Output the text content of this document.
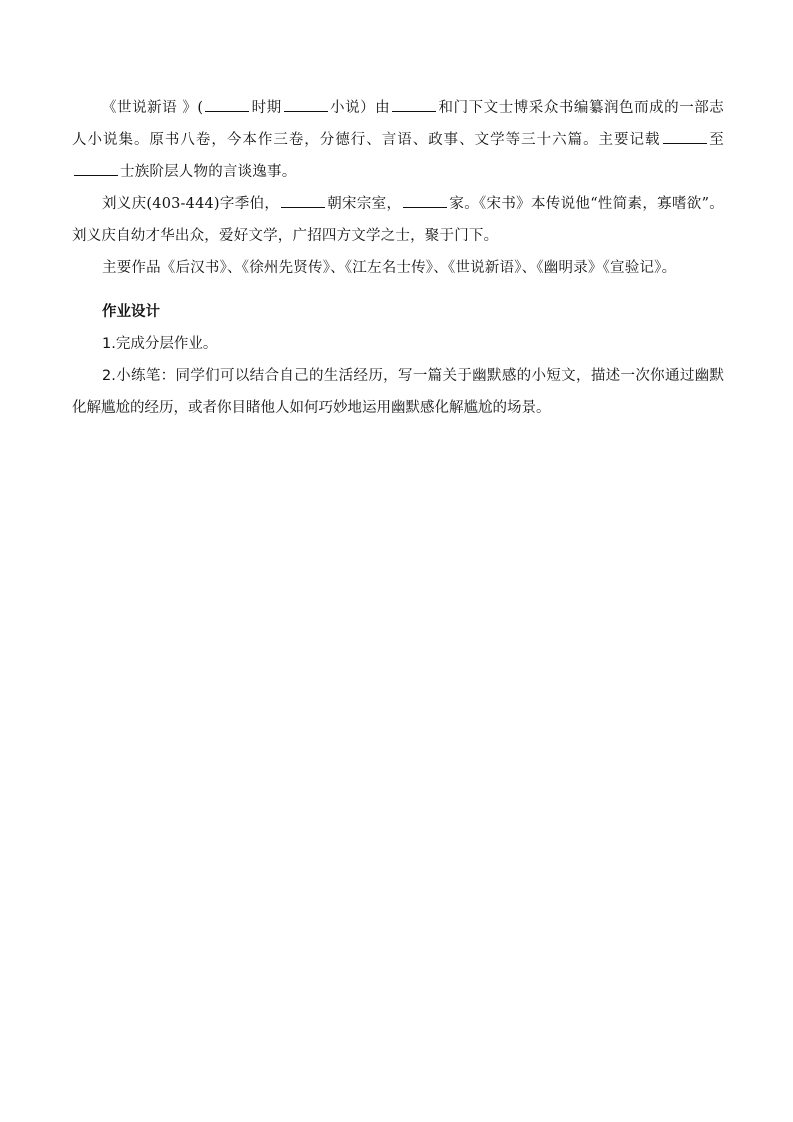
《世说新语 》(	时期	小说）由	和门下文士博采众书编纂润色而成的一部志人小说集。原书八卷，今本作三卷，分德行、言语、政事、文学等三十六篇。主要记载	至士族阶层人物的言谈逸事。

刘义庆(403-444)字季伯，	朝宋宗室，	家。《宋书》本传说他“性简素，寡嗜欲”。刘义庆自幼才华出众，爱好文学，广招四方文学之士，聚于门下。

主要作品《后汉书》、《徐州先贤传》、《江左名士传》、《世说新语》、《幽明录》《宣验记》。

作业设计

1.完成分层作业。

2.小练笔：同学们可以结合自己的生活经历，写一篇关于幽默感的小短文，描述一次你通过幽默化解尴尬的经历，或者你目睹他人如何巧妙地运用幽默感化解尴尬的场景。
